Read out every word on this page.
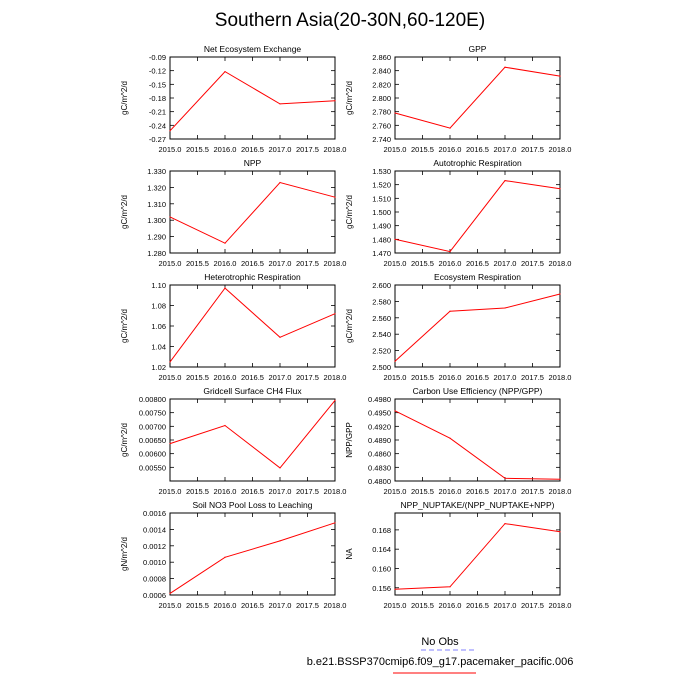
Southern Asia(20-30N,60-120E)
Net Ecosystem Exchange
2015.0 2015.5 2016.0 2016.5 2017.0 2017.5 2018.0
-0.27
-0.24
-0.21
-0.18
-0.15
-0.12
-0.09
gC/m^2/d
GPP
2015.0 2015.5 2016.0 2016.5 2017.0 2017.5 2018.0
2.740
2.760
2.780
2.800
2.820
2.840
2.860
gC/m^2/d
NPP
2015.0 2015.5 2016.0 2016.5 2017.0 2017.5 2018.0
1.280
1.290
1.300
1.310
1.320
1.330
gC/m^2/d
Autotrophic Respiration
2015.0 2015.5 2016.0 2016.5 2017.0 2017.5 2018.0
1.470
1.480
1.490
1.500
1.510
1.520
1.530
gC/m^2/d
Heterotrophic Respiration
2015.0 2015.5 2016.0 2016.5 2017.0 2017.5 2018.0
1.02
1.04
1.06
1.08
1.10
gC/m^2/d
Ecosystem Respiration
2015.0 2015.5 2016.0 2016.5 2017.0 2017.5 2018.0
2.500
2.520
2.540
2.560
2.580
2.600
gC/m^2/d
Gridcell Surface CH4 Flux
2015.0 2015.5 2016.0 2016.5 2017.0 2017.5 2018.0
0.00550
0.00600
0.00650
0.00700
0.00750
0.00800
gC/m^2/d
Carbon Use Efficiency (NPP/GPP)
2015.0 2015.5 2016.0 2016.5 2017.0 2017.5 2018.0
0.4800
0.4830
0.4860
0.4890
0.4920
0.4950
0.4980
NPP/GPP
Soil NO3 Pool Loss to Leaching
2015.0 2015.5 2016.0 2016.5 2017.0 2017.5 2018.0
0.0006
0.0008
0.0010
0.0012
0.0014
0.0016
gN/m^2/d
NPP_NUPTAKE/(NPP_NUPTAKE+NPP)
2015.0 2015.5 2016.0 2016.5 2017.0 2017.5 2018.0
0.156
0.160
0.164
0.168
NA
No Obs
b.e21.BSSP370cmip6.f09_g17.pacemaker_pacific.006
